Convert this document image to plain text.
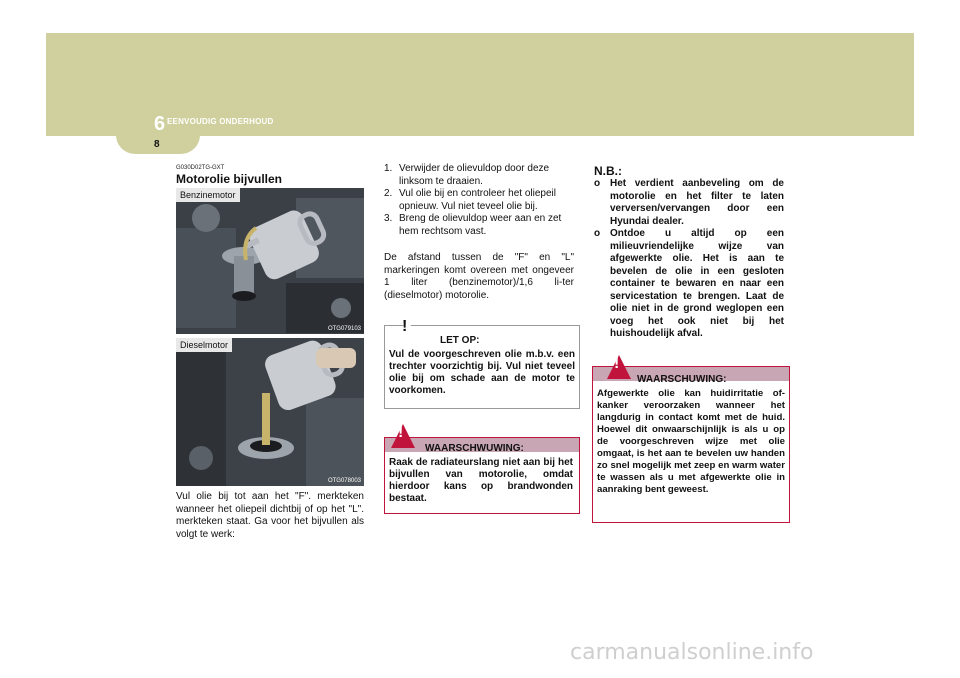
6 EENVOUDIG ONDERHOUD
8
G030D02TG-GXT
Motorolie bijvullen
Benzinemotor
OTG079103
Dieselmotor
OTG078003
Vul olie bij tot aan het "F". merkteken wanneer het oliepeil dichtbij of op het "L". merkteken staat. Ga voor het bijvullen als volgt te werk:
1. Verwijder de olievuldop door deze linksom te draaien.
2. Vul olie bij en controleer het oliepeil opnieuw. Vul niet teveel olie bij.
3. Breng de olievuldop weer aan en zet hem rechtsom vast.
De afstand tussen de "F" en "L" markeringen komt overeen met ongeveer 1 liter (benzinemotor)/1,6 li-ter (dieselmotor) motorolie.
!
LET OP:
Vul de voorgeschreven olie m.b.v. een trechter voorzichtig bij. Vul niet teveel olie bij om schade aan de motor te voorkomen.
!
WAARSCHWUWING:
Raak de radiateurslang niet aan bij het bijvullen van motorolie, omdat hierdoor kans op brandwonden bestaat.
N.B.:
o Het verdient aanbeveling om de motorolie en het filter te laten verversen/vervangen door een Hyundai dealer.
o Ontdoe u altijd op een milieuvriendelijke wijze van afgewerkte olie. Het is aan te bevelen de olie in een gesloten container te bewaren en naar een servicestation te brengen. Laat de olie niet in de grond weglopen een voeg het ook niet bij het huishoudelijk afval.
!
WAARSCHUWING:
Afgewerkte olie kan huidirritatie of-kanker veroorzaken wanneer het langdurig in contact komt met de huid. Hoewel dit onwaarschijnlijk is als u op de voorgeschreven wijze met olie omgaat, is het aan te bevelen uw handen zo snel mogelijk met zeep en warm water te wassen als u met afgewerkte olie in aanraking bent geweest.
carmanualsonline.info
